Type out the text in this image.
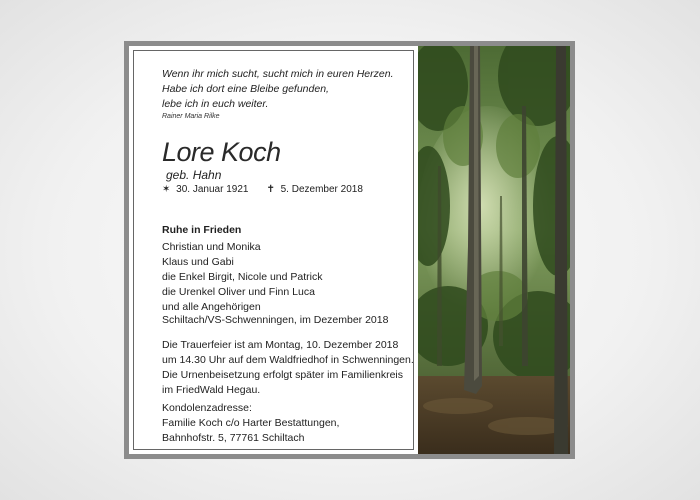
Wenn ihr mich sucht, sucht mich in euren Herzen.
Habe ich dort eine Bleibe gefunden,
lebe ich in euch weiter.
Rainer Maria Rilke
Lore Koch
geb. Hahn
✶ 30. Januar 1921 ✝ 5. Dezember 2018
Ruhe in Frieden
Christian und Monika
Klaus und Gabi
die Enkel Birgit, Nicole und Patrick
die Urenkel Oliver und Finn Luca
und alle Angehörigen
Schiltach/VS-Schwenningen, im Dezember 2018
Die Trauerfeier ist am Montag, 10. Dezember 2018
um 14.30 Uhr auf dem Waldfriedhof in Schwenningen.
Die Urnenbeisetzung erfolgt später im Familienkreis
im FriedWald Hegau.
Kondolenzadresse:
Familie Koch c/o Harter Bestattungen,
Bahnhofstr. 5, 77761 Schiltach
